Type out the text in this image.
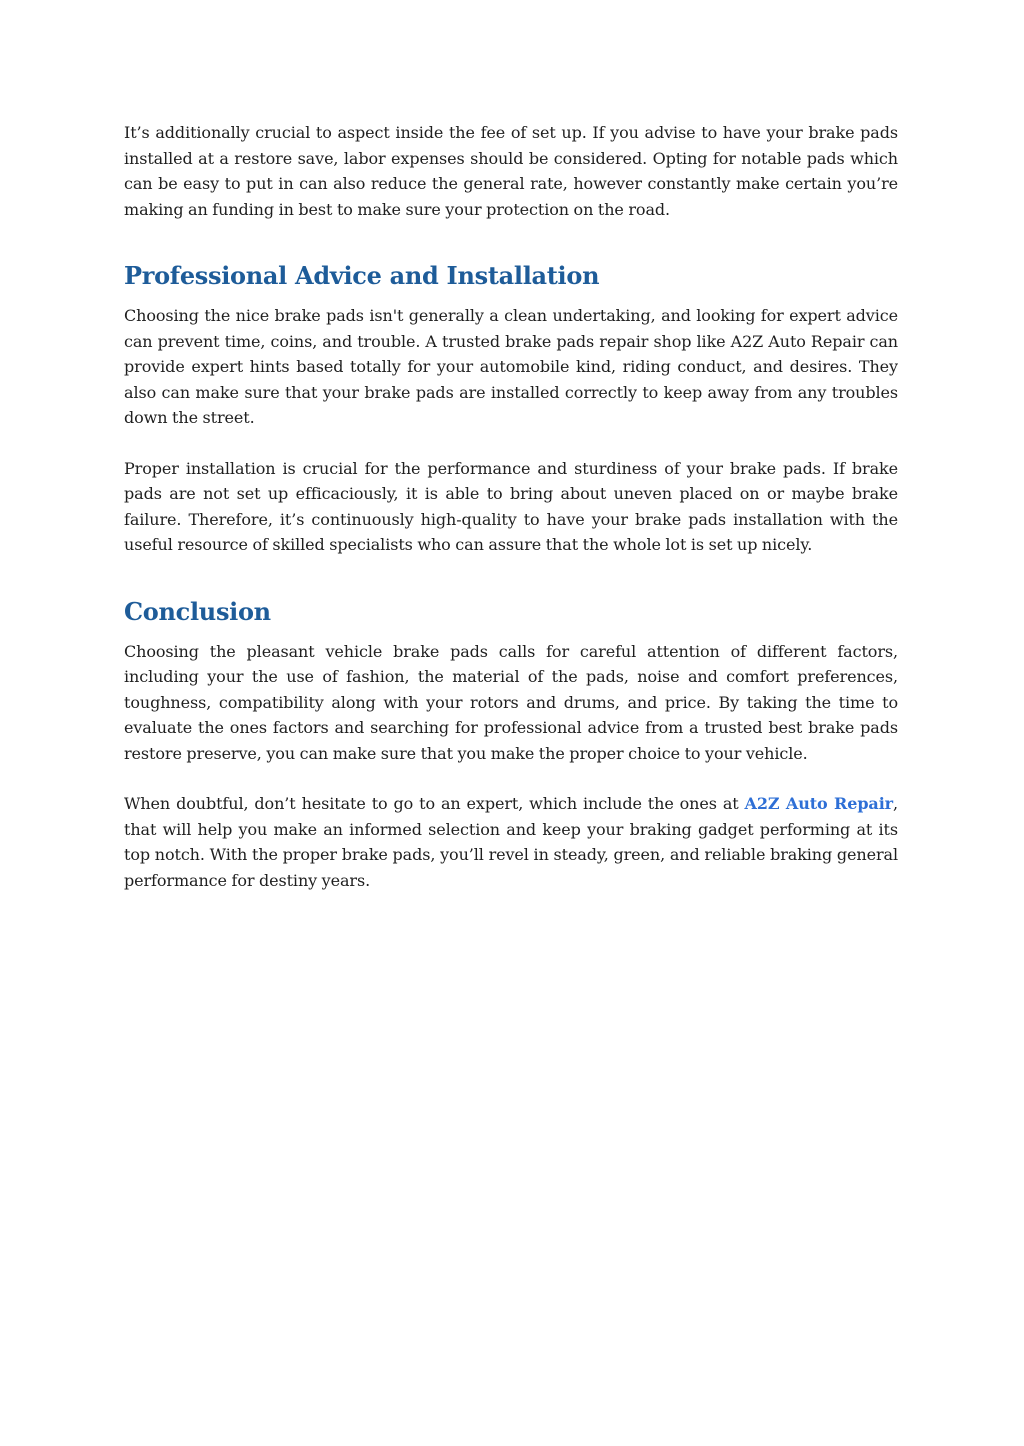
It’s additionally crucial to aspect inside the fee of set up. If you advise to have your brake pads installed at a restore save, labor expenses should be considered. Opting for notable pads which can be easy to put in can also reduce the general rate, however constantly make certain you’re making an funding in best to make sure your protection on the road.

Professional Advice and Installation

Choosing the nice brake pads isn't generally a clean undertaking, and looking for expert advice can prevent time, coins, and trouble. A trusted brake pads repair shop like A2Z Auto Repair can provide expert hints based totally for your automobile kind, riding conduct, and desires. They also can make sure that your brake pads are installed correctly to keep away from any troubles down the street.

Proper installation is crucial for the performance and sturdiness of your brake pads. If brake pads are not set up efficaciously, it is able to bring about uneven placed on or maybe brake failure. Therefore, it’s continuously high-quality to have your brake pads installation with the useful resource of skilled specialists who can assure that the whole lot is set up nicely.

Conclusion

Choosing the pleasant vehicle brake pads calls for careful attention of different factors, including your the use of fashion, the material of the pads, noise and comfort preferences, toughness, compatibility along with your rotors and drums, and price. By taking the time to evaluate the ones factors and searching for professional advice from a trusted best brake pads restore preserve, you can make sure that you make the proper choice to your vehicle.

When doubtful, don’t hesitate to go to an expert, which include the ones at A2Z Auto Repair, that will help you make an informed selection and keep your braking gadget performing at its top notch. With the proper brake pads, you’ll revel in steady, green, and reliable braking general performance for destiny years.
